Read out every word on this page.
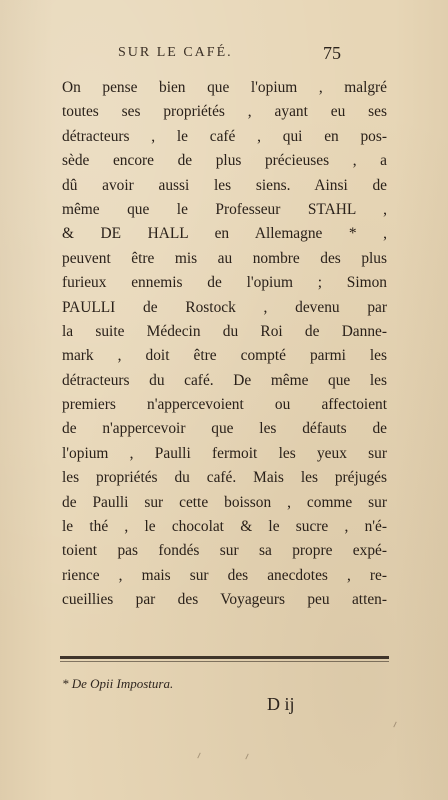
SUR LE CAFÉ.	75
On pense bien que l'opium , malgré
toutes ses propriétés , ayant eu ses
détracteurs , le café , qui en pos-
sède encore de plus précieuses , a
dû avoir aussi les siens. Ainsi de
même que le Professeur STAHL ,
& DE HALL en Allemagne * ,
peuvent être mis au nombre des plus
furieux ennemis de l'opium ; Simon
PAULLI de Rostock , devenu par
la suite Médecin du Roi de Danne-
mark , doit être compté parmi les
détracteurs du café. De même que les
premiers n'appercevoient ou affectoient
de n'appercevoir que les défauts de
l'opium , Paulli fermoit les yeux sur
les propriétés du café. Mais les préjugés
de Paulli sur cette boisson , comme sur
le thé , le chocolat & le sucre , n'é-
toient pas fondés sur sa propre expé-
rience , mais sur des anecdotes , re-
cueillies par des Voyageurs peu atten-
* De Opii Impostura.
D ij
